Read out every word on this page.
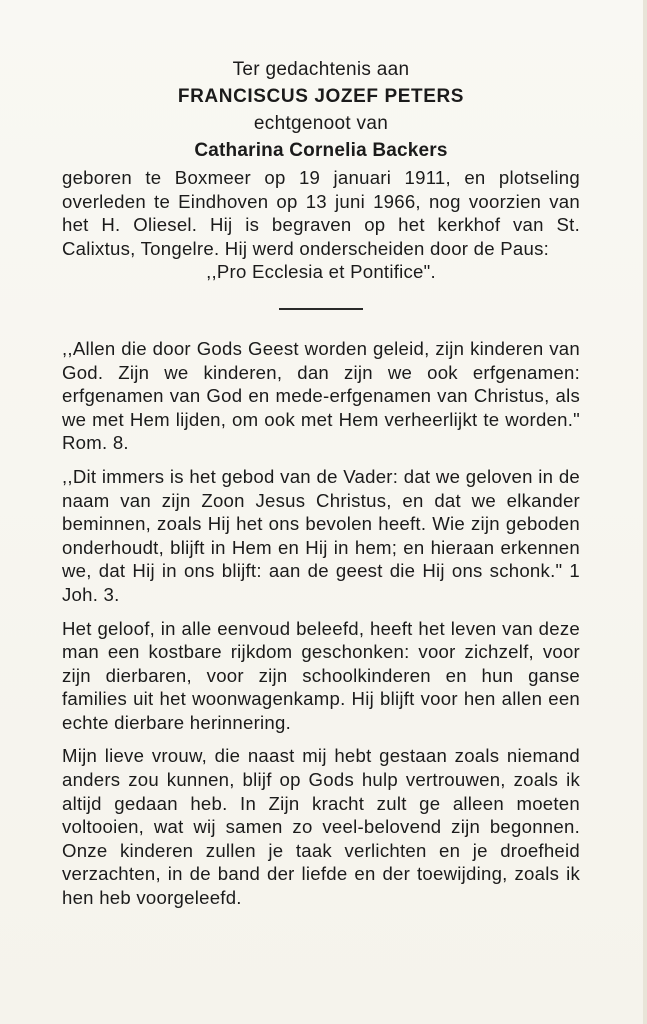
Ter gedachtenis aan
FRANCISCUS JOZEF PETERS
echtgenoot van
Catharina Cornelia Backers

geboren te Boxmeer op 19 januari 1911, en plotseling overleden te Eindhoven op 13 juni 1966, nog voorzien van het H. Oliesel. Hij is begraven op het kerkhof van St. Calixtus, Tongelre. Hij werd onderscheiden door de Paus:

,,Pro Ecclesia et Pontifice".

,,Allen die door Gods Geest worden geleid, zijn kinderen van God. Zijn we kinderen, dan zijn we ook erfgenamen: erfgenamen van God en mede-erfgenamen van Christus, als we met Hem lijden, om ook met Hem verheerlijkt te worden." Rom. 8.

,,Dit immers is het gebod van de Vader: dat we geloven in de naam van zijn Zoon Jesus Christus, en dat we elkander beminnen, zoals Hij het ons bevolen heeft. Wie zijn geboden onderhoudt, blijft in Hem en Hij in hem; en hieraan erkennen we, dat Hij in ons blijft: aan de geest die Hij ons schonk." 1 Joh. 3.

Het geloof, in alle eenvoud beleefd, heeft het leven van deze man een kostbare rijkdom geschonken: voor zichzelf, voor zijn dierbaren, voor zijn schoolkinderen en hun ganse families uit het woonwagenkamp. Hij blijft voor hen allen een echte dierbare herinnering.

Mijn lieve vrouw, die naast mij hebt gestaan zoals niemand anders zou kunnen, blijf op Gods hulp vertrouwen, zoals ik altijd gedaan heb. In Zijn kracht zult ge alleen moeten voltooien, wat wij samen zo veel-belovend zijn begonnen. Onze kinderen zullen je taak verlichten en je droefheid verzachten, in de band der liefde en der toewijding, zoals ik hen heb voorgeleefd.
